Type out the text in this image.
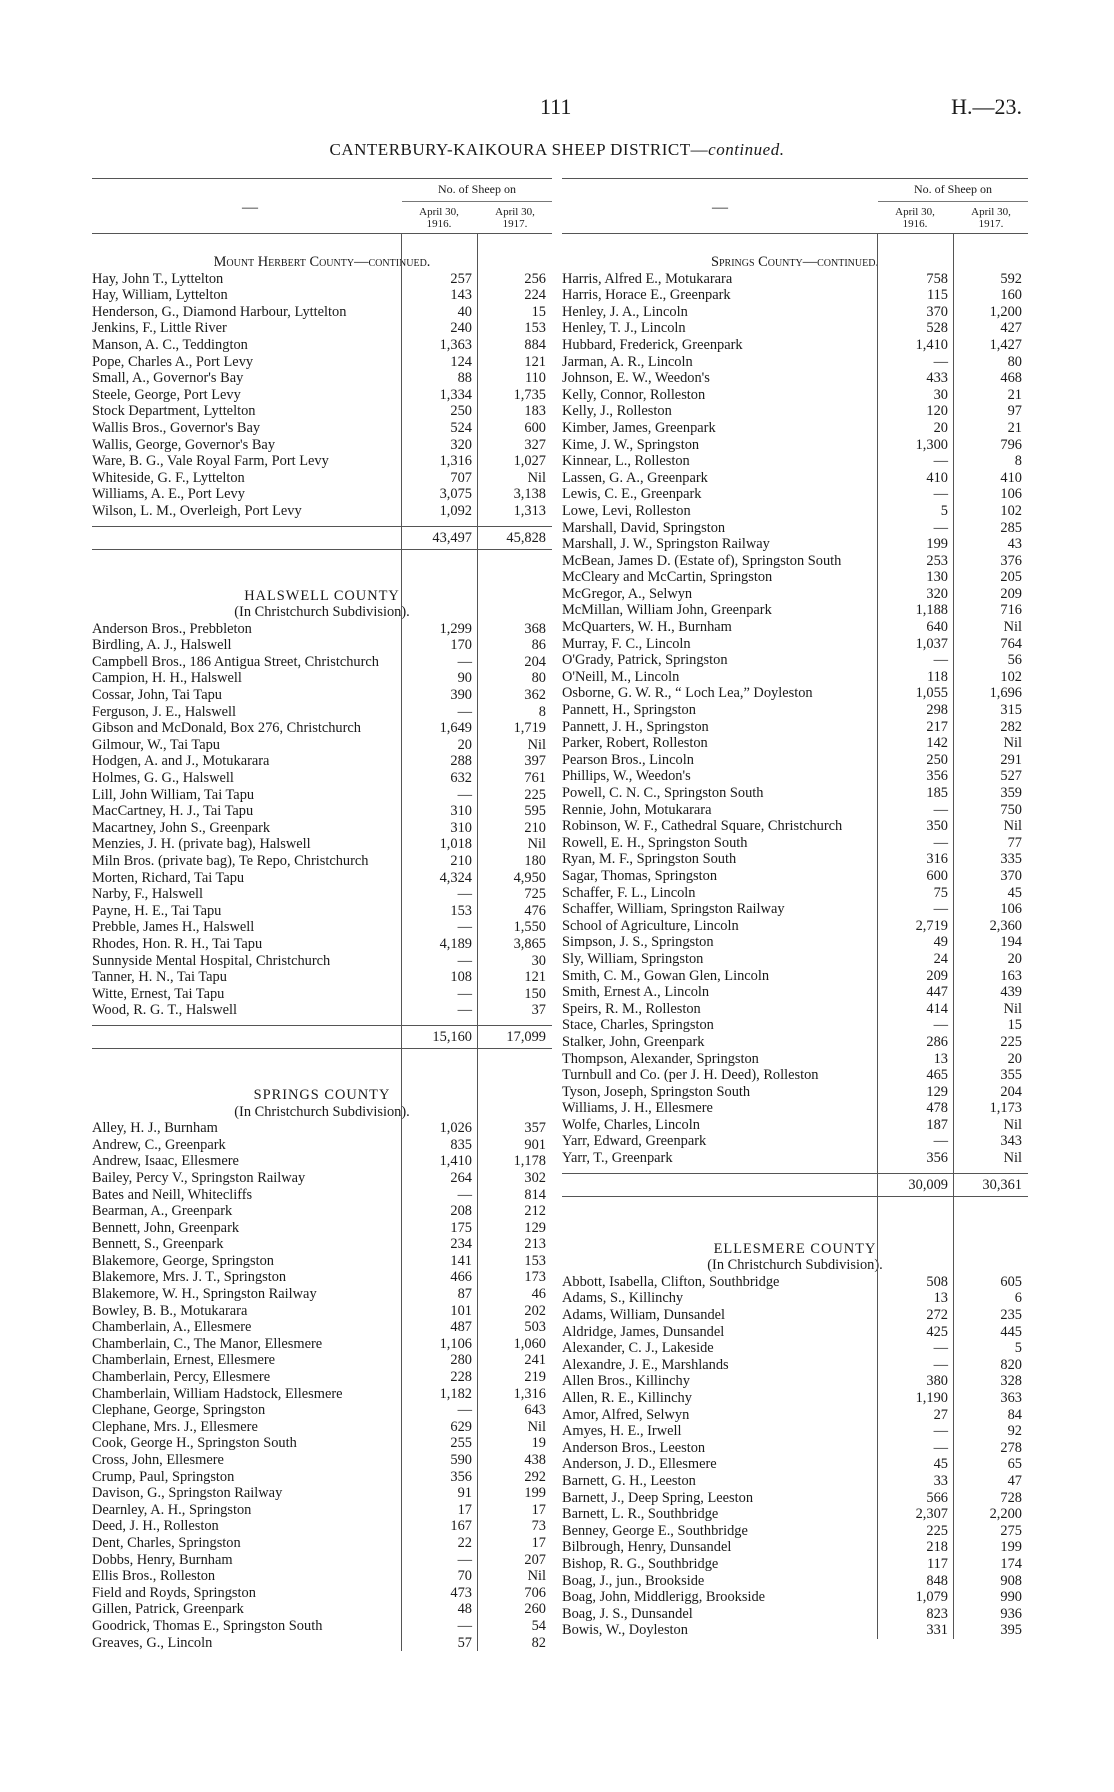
111	H.—23.
CANTERBURY-KAIKOURA SHEEP DISTRICT—continued.
—
No. of Sheep on
April 30,
1916.
April 30,
1917.
Mount Herbert County—continued.
Hay, John T., Lyttelton	257	256
Hay, William, Lyttelton	143	224
Henderson, G., Diamond Harbour, Lyttelton	40	15
Jenkins, F., Little River	240	153
Manson, A. C., Teddington	1,363	884
Pope, Charles A., Port Levy	124	121
Small, A., Governor's Bay	88	110
Steele, George, Port Levy	1,334	1,735
Stock Department, Lyttelton	250	183
Wallis Bros., Governor's Bay	524	600
Wallis, George, Governor's Bay	320	327
Ware, B. G., Vale Royal Farm, Port Levy	1,316	1,027
Whiteside, G. F., Lyttelton	707	Nil
Williams, A. E., Port Levy	3,075	3,138
Wilson, L. M., Overleigh, Port Levy	1,092	1,313
43,497	45,828
HALSWELL COUNTY
(In Christchurch Subdivision).
Anderson Bros., Prebbleton	1,299	368
Birdling, A. J., Halswell	170	86
Campbell Bros., 186 Antigua Street, Christchurch	—	204
Campion, H. H., Halswell	90	80
Cossar, John, Tai Tapu	390	362
Ferguson, J. E., Halswell	—	8
Gibson and McDonald, Box 276, Christchurch	1,649	1,719
Gilmour, W., Tai Tapu	20	Nil
Hodgen, A. and J., Motukarara	288	397
Holmes, G. G., Halswell	632	761
Lill, John William, Tai Tapu	—	225
MacCartney, H. J., Tai Tapu	310	595
Macartney, John S., Greenpark	310	210
Menzies, J. H. (private bag), Halswell	1,018	Nil
Miln Bros. (private bag), Te Repo, Christchurch	210	180
Morten, Richard, Tai Tapu	4,324	4,950
Narby, F., Halswell	—	725
Payne, H. E., Tai Tapu	153	476
Prebble, James H., Halswell	—	1,550
Rhodes, Hon. R. H., Tai Tapu	4,189	3,865
Sunnyside Mental Hospital, Christchurch	—	30
Tanner, H. N., Tai Tapu	108	121
Witte, Ernest, Tai Tapu	—	150
Wood, R. G. T., Halswell	—	37
15,160	17,099
SPRINGS COUNTY
(In Christchurch Subdivision).
Alley, H. J., Burnham	1,026	357
Andrew, C., Greenpark	835	901
Andrew, Isaac, Ellesmere	1,410	1,178
Bailey, Percy V., Springston Railway	264	302
Bates and Neill, Whitecliffs	—	814
Bearman, A., Greenpark	208	212
Bennett, John, Greenpark	175	129
Bennett, S., Greenpark	234	213
Blakemore, George, Springston	141	153
Blakemore, Mrs. J. T., Springston	466	173
Blakemore, W. H., Springston Railway	87	46
Bowley, B. B., Motukarara	101	202
Chamberlain, A., Ellesmere	487	503
Chamberlain, C., The Manor, Ellesmere	1,106	1,060
Chamberlain, Ernest, Ellesmere	280	241
Chamberlain, Percy, Ellesmere	228	219
Chamberlain, William Hadstock, Ellesmere	1,182	1,316
Clephane, George, Springston	—	643
Clephane, Mrs. J., Ellesmere	629	Nil
Cook, George H., Springston South	255	19
Cross, John, Ellesmere	590	438
Crump, Paul, Springston	356	292
Davison, G., Springston Railway	91	199
Dearnley, A. H., Springston	17	17
Deed, J. H., Rolleston	167	73
Dent, Charles, Springston	22	17
Dobbs, Henry, Burnham	—	207
Ellis Bros., Rolleston	70	Nil
Field and Royds, Springston	473	706
Gillen, Patrick, Greenpark	48	260
Goodrick, Thomas E., Springston South	—	54
Greaves, G., Lincoln	57	82
—
No. of Sheep on
April 30,
1916.
April 30,
1917.
Springs County—continued.
Harris, Alfred E., Motukarara	758	592
Harris, Horace E., Greenpark	115	160
Henley, J. A., Lincoln	370	1,200
Henley, T. J., Lincoln	528	427
Hubbard, Frederick, Greenpark	1,410	1,427
Jarman, A. R., Lincoln	—	80
Johnson, E. W., Weedon's	433	468
Kelly, Connor, Rolleston	30	21
Kelly, J., Rolleston	120	97
Kimber, James, Greenpark	20	21
Kime, J. W., Springston	1,300	796
Kinnear, L., Rolleston	—	8
Lassen, G. A., Greenpark	410	410
Lewis, C. E., Greenpark	—	106
Lowe, Levi, Rolleston	5	102
Marshall, David, Springston	—	285
Marshall, J. W., Springston Railway	199	43
McBean, James D. (Estate of), Springston South	253	376
McCleary and McCartin, Springston	130	205
McGregor, A., Selwyn	320	209
McMillan, William John, Greenpark	1,188	716
McQuarters, W. H., Burnham	640	Nil
Murray, F. C., Lincoln	1,037	764
O'Grady, Patrick, Springston	—	56
O'Neill, M., Lincoln	118	102
Osborne, G. W. R., “ Loch Lea,” Doyleston	1,055	1,696
Pannett, H., Springston	298	315
Pannett, J. H., Springston	217	282
Parker, Robert, Rolleston	142	Nil
Pearson Bros., Lincoln	250	291
Phillips, W., Weedon's	356	527
Powell, C. N. C., Springston South	185	359
Rennie, John, Motukarara	—	750
Robinson, W. F., Cathedral Square, Christchurch	350	Nil
Rowell, E. H., Springston South	—	77
Ryan, M. F., Springston South	316	335
Sagar, Thomas, Springston	600	370
Schaffer, F. L., Lincoln	75	45
Schaffer, William, Springston Railway	—	106
School of Agriculture, Lincoln	2,719	2,360
Simpson, J. S., Springston	49	194
Sly, William, Springston	24	20
Smith, C. M., Gowan Glen, Lincoln	209	163
Smith, Ernest A., Lincoln	447	439
Speirs, R. M., Rolleston	414	Nil
Stace, Charles, Springston	—	15
Stalker, John, Greenpark	286	225
Thompson, Alexander, Springston	13	20
Turnbull and Co. (per J. H. Deed), Rolleston	465	355
Tyson, Joseph, Springston South	129	204
Williams, J. H., Ellesmere	478	1,173
Wolfe, Charles, Lincoln	187	Nil
Yarr, Edward, Greenpark	—	343
Yarr, T., Greenpark	356	Nil
30,009	30,361
ELLESMERE COUNTY
(In Christchurch Subdivision).
Abbott, Isabella, Clifton, Southbridge	508	605
Adams, S., Killinchy	13	6
Adams, William, Dunsandel	272	235
Aldridge, James, Dunsandel	425	445
Alexander, C. J., Lakeside	—	5
Alexandre, J. E., Marshlands	—	820
Allen Bros., Killinchy	380	328
Allen, R. E., Killinchy	1,190	363
Amor, Alfred, Selwyn	27	84
Amyes, H. E., Irwell	—	92
Anderson Bros., Leeston	—	278
Anderson, J. D., Ellesmere	45	65
Barnett, G. H., Leeston	33	47
Barnett, J., Deep Spring, Leeston	566	728
Barnett, L. R., Southbridge	2,307	2,200
Benney, George E., Southbridge	225	275
Bilbrough, Henry, Dunsandel	218	199
Bishop, R. G., Southbridge	117	174
Boag, J., jun., Brookside	848	908
Boag, John, Middlerigg, Brookside	1,079	990
Boag, J. S., Dunsandel	823	936
Bowis, W., Doyleston	331	395
